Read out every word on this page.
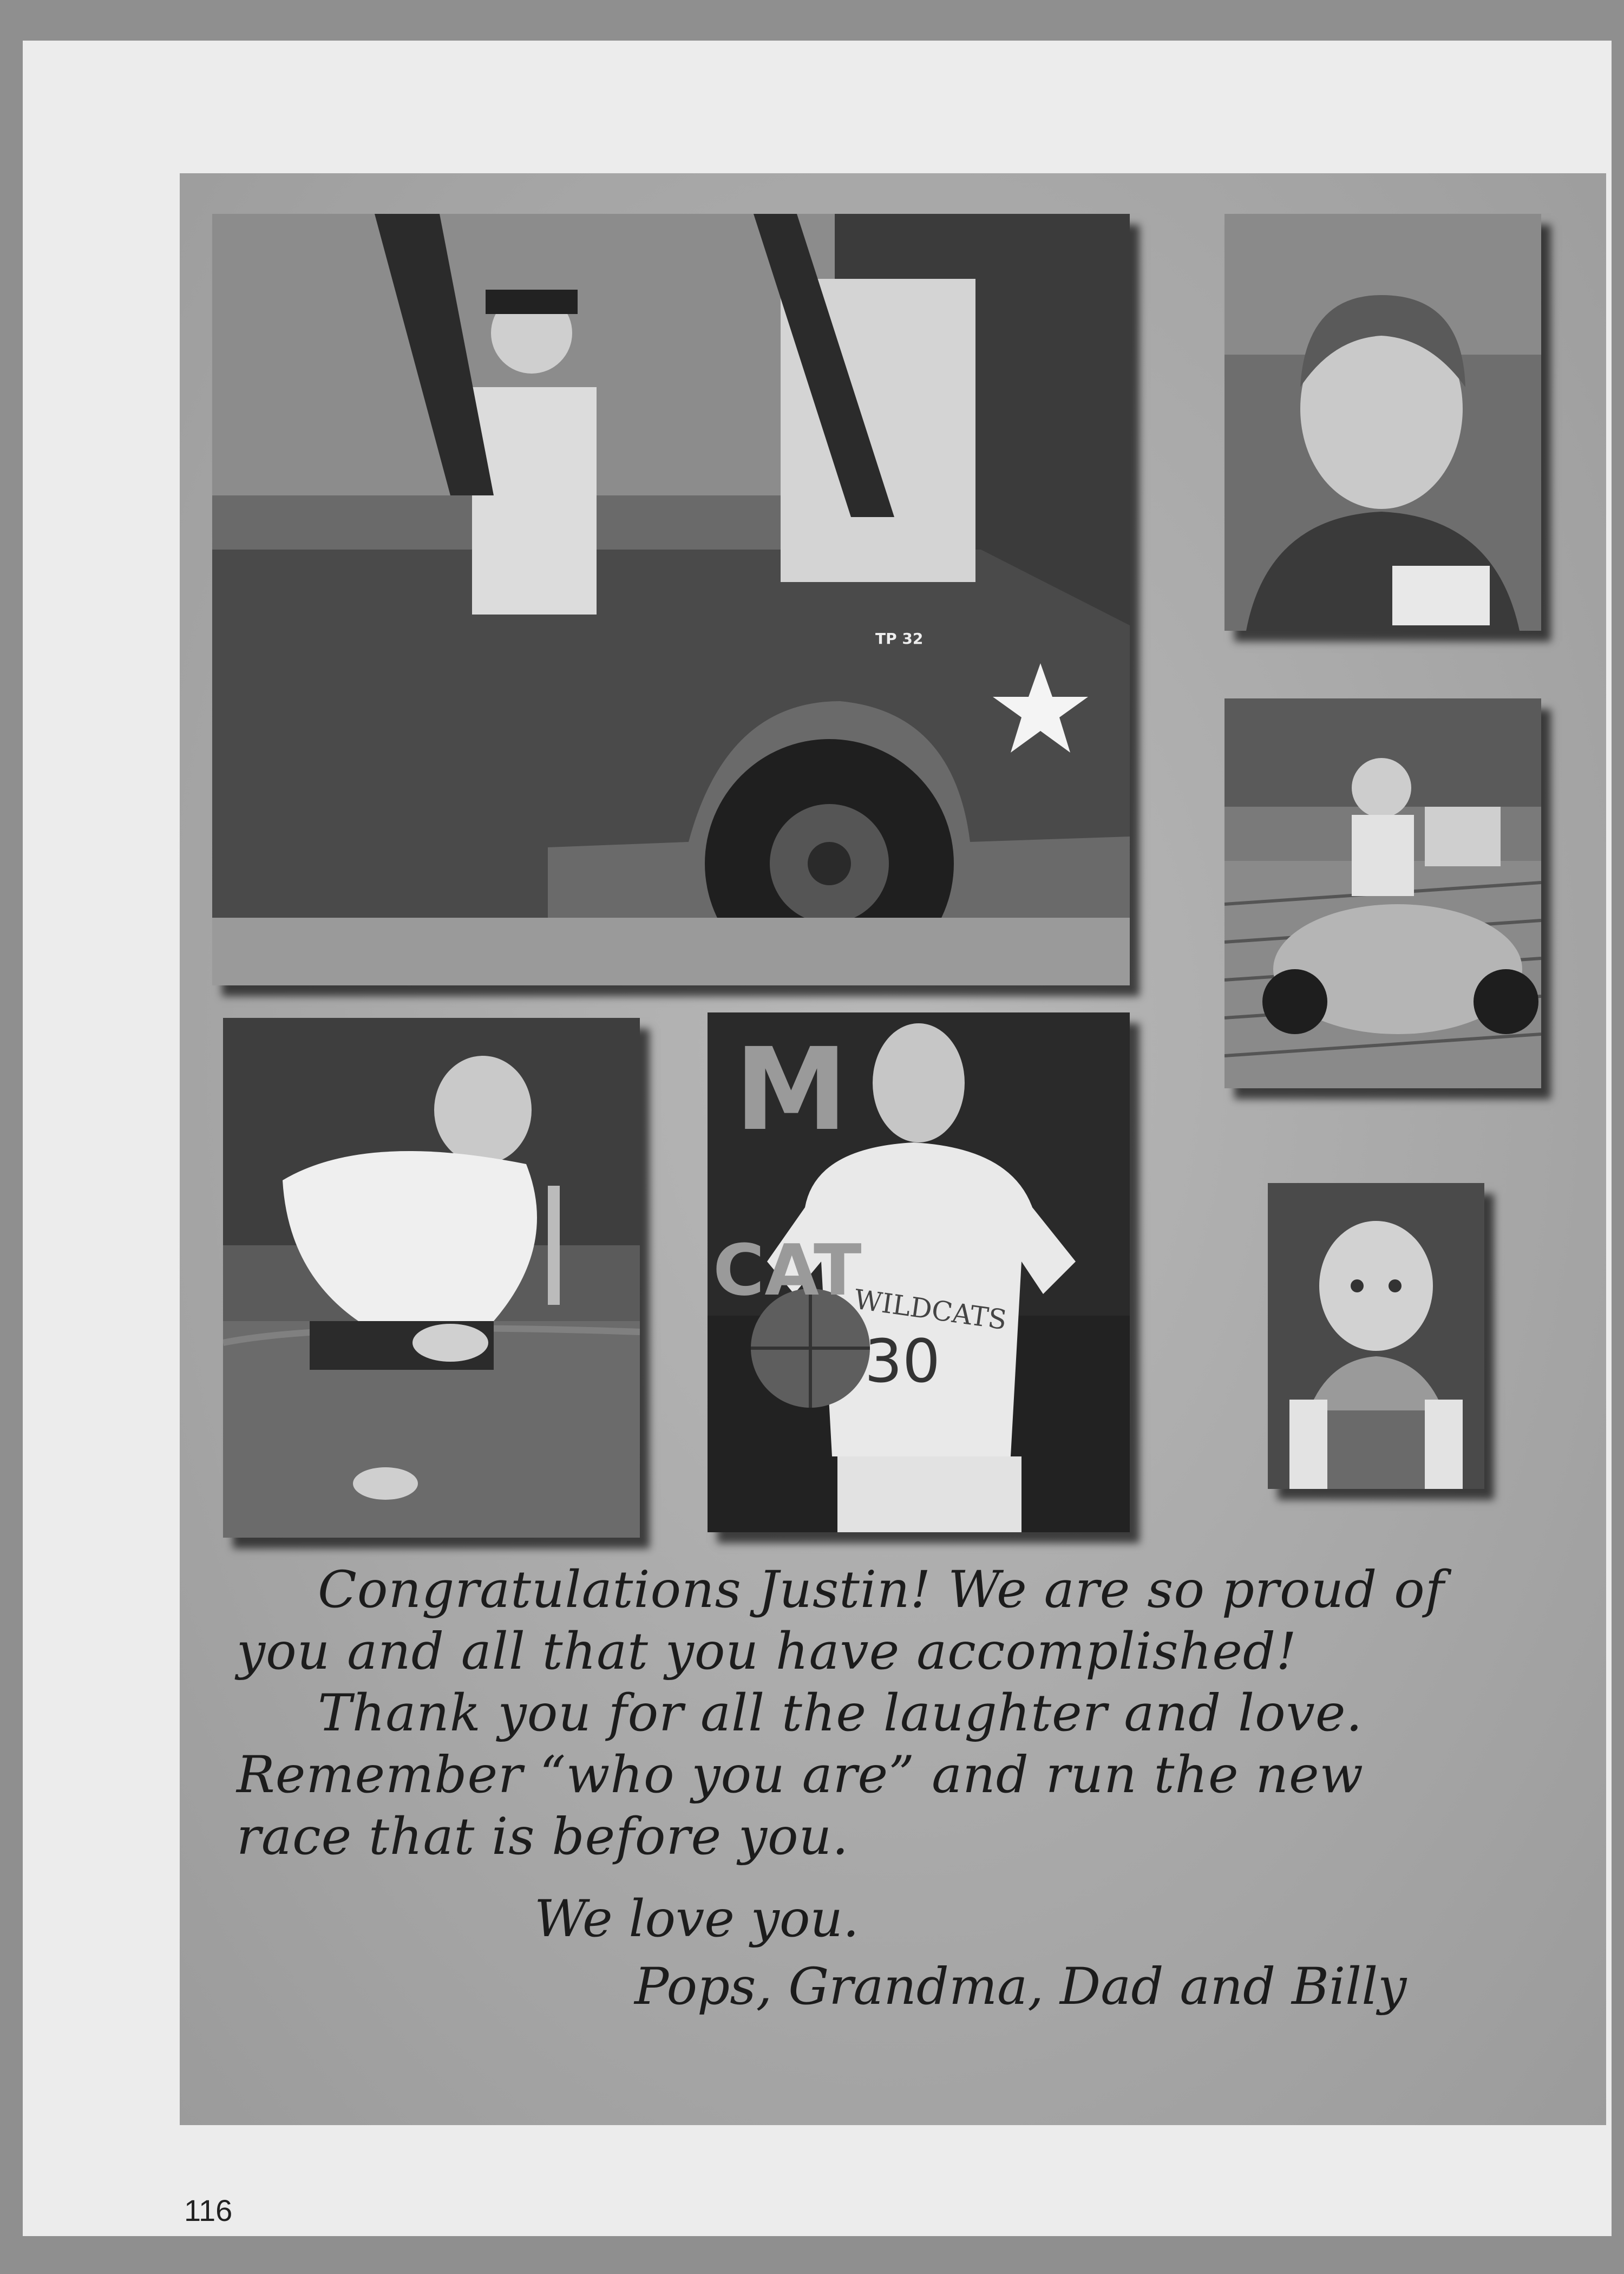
TP 32
M
CAT
WILDCATS
30

Congratulations Justin! We are so proud of

you and all that you have accomplished!

Thank you for all the laughter and love.

Remember “who you are” and run the new

race that is before you.

We love you.
Pops, Grandma, Dad and Billy
116
